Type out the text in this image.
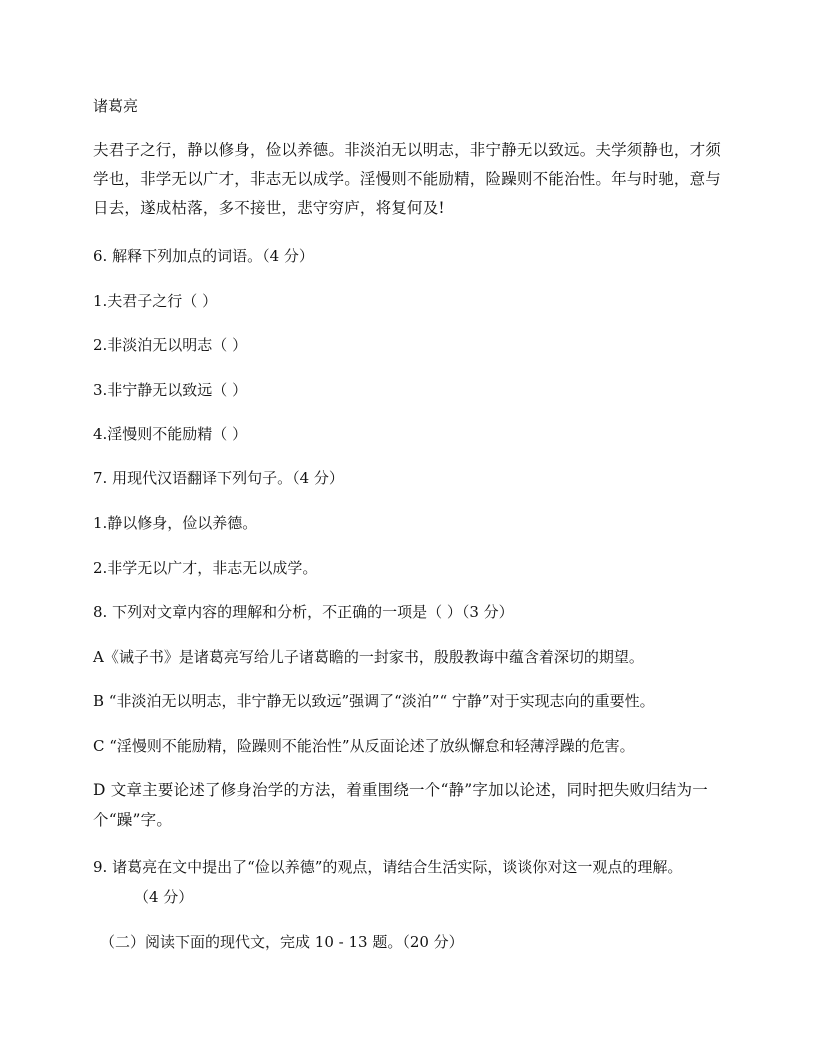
诸葛亮
夫君子之行，静以修身，俭以养德。非淡泊无以明志，非宁静无以致远。夫学须静也，才须学也，非学无以广才，非志无以成学。淫慢则不能励精，险躁则不能治性。年与时驰，意与日去，遂成枯落，多不接世，悲守穷庐，将复何及!
6. 解释下列加点的词语。（4 分）
1.夫君子之行（ ）
2.非淡泊无以明志（ ）
3.非宁静无以致远（ ）
4.淫慢则不能励精（ ）
7. 用现代汉语翻译下列句子。（4 分）
1.静以修身，俭以养德。
2.非学无以广才，非志无以成学。
8. 下列对文章内容的理解和分析，不正确的一项是（ ）（3 分）
A《诫子书》是诸葛亮写给儿子诸葛瞻的一封家书，殷殷教诲中蕴含着深切的期望。
B “非淡泊无以明志，非宁静无以致远”强调了“淡泊”“ 宁静”对于实现志向的重要性。
C “淫慢则不能励精，险躁则不能治性”从反面论述了放纵懈怠和轻薄浮躁的危害。
D 文章主要论述了修身治学的方法，着重围绕一个“静”字加以论述，同时把失败归结为一个“躁”字。
9. 诸葛亮在文中提出了“俭以养德”的观点，请结合生活实际，谈谈你对这一观点的理解。
（4 分）
（二）阅读下面的现代文，完成 10 - 13 题。（20 分）
